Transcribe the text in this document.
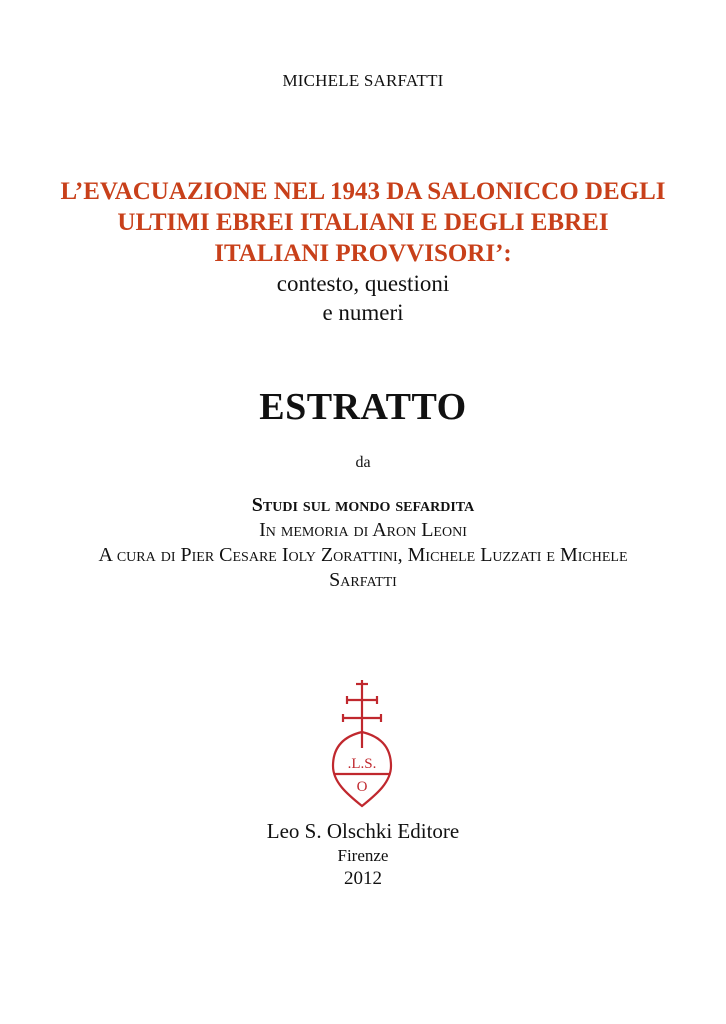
MICHELE SARFATTI
L’EVACUAZIONE NEL 1943 DA SALONICCO DEGLI
ULTIMI EBREI ITALIANI E DEGLI EBREI
ITALIANI PROVVISORI’:
contesto, questioni
e numeri
ESTRATTO
da
Studi sul mondo sefardita
In memoria di Aron Leoni
A cura di Pier Cesare Ioly Zorattini, Michele Luzzati e Michele
Sarfatti
.L.S.
O
Leo S. Olschki Editore
Firenze
2012
